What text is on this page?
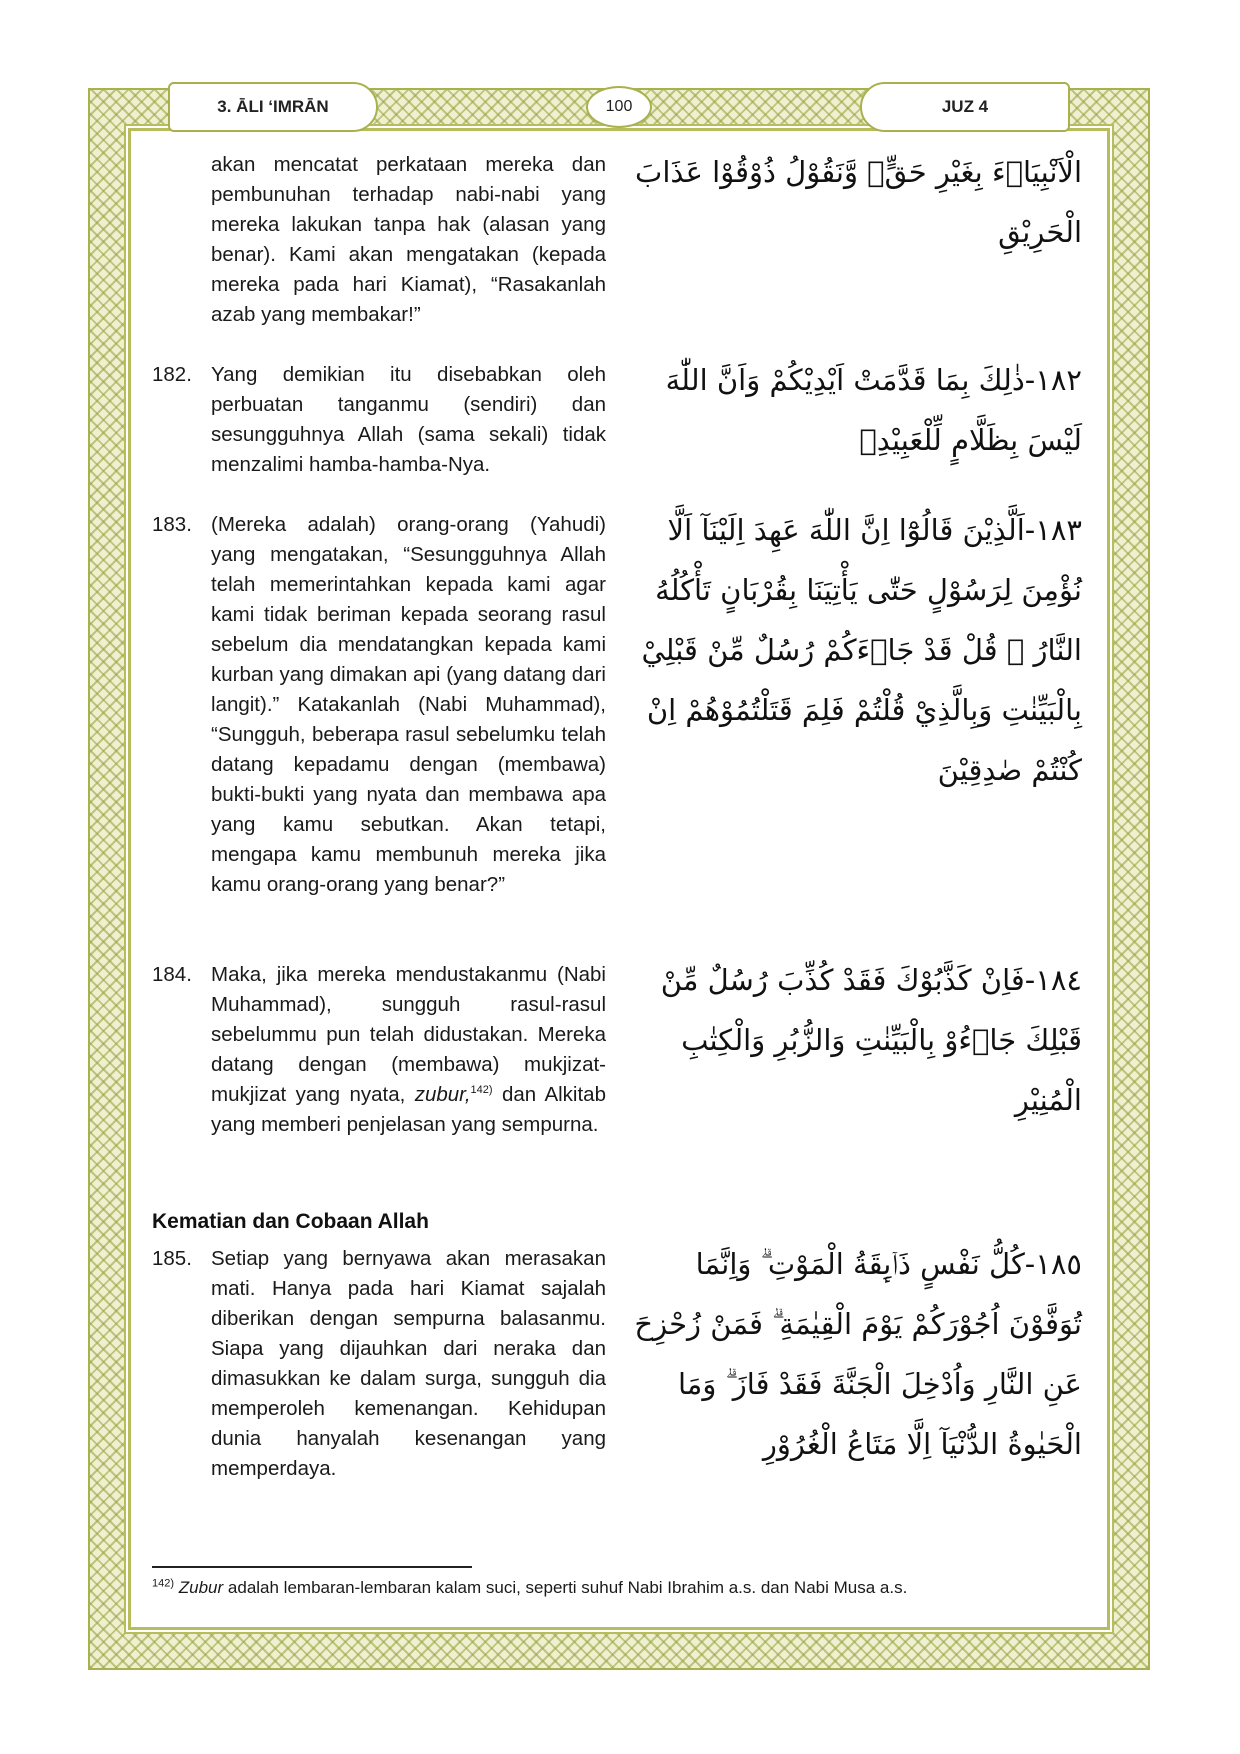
3. ĀLI ‘IMRĀN	100	JUZ 4
akan mencatat perkataan mereka dan pembunuhan terhadap nabi-nabi yang mereka lakukan tanpa hak (alasan yang benar). Kami akan mengatakan (kepada mereka pada hari Kiamat), “Rasakanlah azab yang membakar!”
الْاَنْبِيَاۤءَ بِغَيْرِ حَقٍّۙ وَّنَقُوْلُ ذُوْقُوْا عَذَابَ الْحَرِيْقِ
182. Yang demikian itu disebabkan oleh perbuatan tanganmu (sendiri) dan sesungguhnya Allah (sama sekali) tidak menzalimi hamba-hamba-Nya.
١٨٢-ذٰلِكَ بِمَا قَدَّمَتْ اَيْدِيْكُمْ وَاَنَّ اللّٰهَ لَيْسَ بِظَلَّامٍ لِّلْعَبِيْدِۚ
183. (Mereka adalah) orang-orang (Yahudi) yang mengatakan, “Sesungguhnya Allah telah memerintahkan kepada kami agar kami tidak beriman kepada seorang rasul sebelum dia mendatangkan kepada kami kurban yang dimakan api (yang datang dari langit).” Katakanlah (Nabi Muhammad), “Sungguh, beberapa rasul sebelumku telah datang kepadamu dengan (membawa) bukti-bukti yang nyata dan membawa apa yang kamu sebutkan. Akan tetapi, mengapa kamu membunuh mereka jika kamu orang-orang yang benar?”
١٨٣-اَلَّذِيْنَ قَالُوْٓا اِنَّ اللّٰهَ عَهِدَ اِلَيْنَآ اَلَّا نُؤْمِنَ لِرَسُوْلٍ حَتّٰى يَأْتِيَنَا بِقُرْبَانٍ تَأْكُلُهُ النَّارُ ۗ قُلْ قَدْ جَاۤءَكُمْ رُسُلٌ مِّنْ قَبْلِيْ بِالْبَيِّنٰتِ وَبِالَّذِيْ قُلْتُمْ فَلِمَ قَتَلْتُمُوْهُمْ اِنْ كُنْتُمْ صٰدِقِيْنَ
184. Maka, jika mereka mendustakanmu (Nabi Muhammad), sungguh rasul-rasul sebelummu pun telah didustakan. Mereka datang dengan (membawa) mukjizat-mukjizat yang nyata, zubur,$^{142)}$ dan Alkitab yang memberi penjelasan yang sempurna.
١٨٤-فَاِنْ كَذَّبُوْكَ فَقَدْ كُذِّبَ رُسُلٌ مِّنْ قَبْلِكَ جَاۤءُوْ بِالْبَيِّنٰتِ وَالزُّبُرِ وَالْكِتٰبِ الْمُنِيْرِ
Kematian dan Cobaan Allah
185. Setiap yang bernyawa akan merasakan mati. Hanya pada hari Kiamat sajalah diberikan dengan sempurna balasanmu. Siapa yang dijauhkan dari neraka dan dimasukkan ke dalam surga, sungguh dia memperoleh kemenangan. Kehidupan dunia hanyalah kesenangan yang memperdaya.
١٨٥-كُلُّ نَفْسٍ ذَاۤىِٕقَةُ الْمَوْتِ ۗ وَاِنَّمَا تُوَفَّوْنَ اُجُوْرَكُمْ يَوْمَ الْقِيٰمَةِ ۗ فَمَنْ زُحْزِحَ عَنِ النَّارِ وَاُدْخِلَ الْجَنَّةَ فَقَدْ فَازَ ۗ وَمَا الْحَيٰوةُ الدُّنْيَآ اِلَّا مَتَاعُ الْغُرُوْرِ
$^{142)}$ Zubur adalah lembaran-lembaran kalam suci, seperti suhuf Nabi Ibrahim a.s. dan Nabi Musa a.s.
